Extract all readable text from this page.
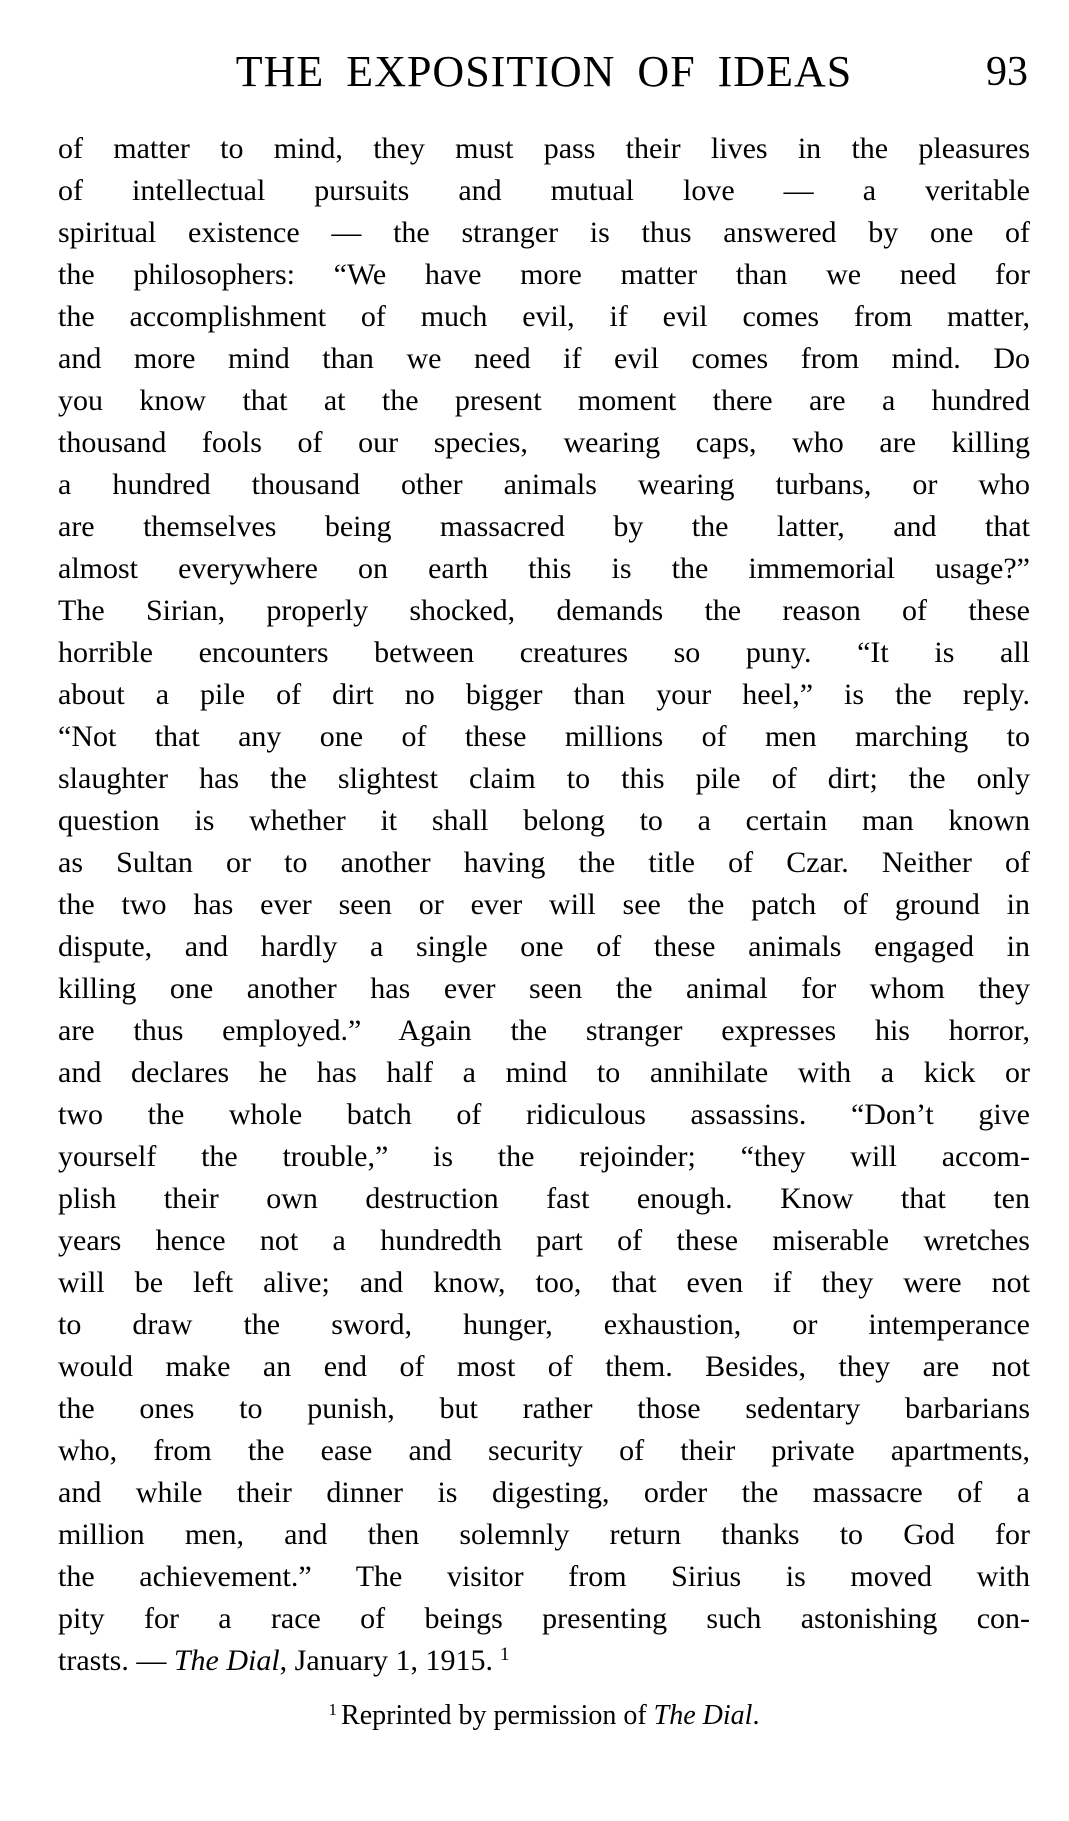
THE EXPOSITION OF IDEAS	93
of matter to mind, they must pass their lives in the pleasures
of intellectual pursuits and mutual love — a veritable
spiritual existence — the stranger is thus answered by one of
the philosophers: “We have more matter than we need for
the accomplishment of much evil, if evil comes from matter,
and more mind than we need if evil comes from mind. Do
you know that at the present moment there are a hundred
thousand fools of our species, wearing caps, who are killing
a hundred thousand other animals wearing turbans, or who
are themselves being massacred by the latter, and that
almost everywhere on earth this is the immemorial usage?”
The Sirian, properly shocked, demands the reason of these
horrible encounters between creatures so puny. “It is all
about a pile of dirt no bigger than your heel,” is the reply.
“Not that any one of these millions of men marching to
slaughter has the slightest claim to this pile of dirt; the only
question is whether it shall belong to a certain man known
as Sultan or to another having the title of Czar. Neither of
the two has ever seen or ever will see the patch of ground in
dispute, and hardly a single one of these animals engaged in
killing one another has ever seen the animal for whom they
are thus employed.” Again the stranger expresses his horror,
and declares he has half a mind to annihilate with a kick or
two the whole batch of ridiculous assassins. “Don’t give
yourself the trouble,” is the rejoinder; “they will accom-
plish their own destruction fast enough. Know that ten
years hence not a hundredth part of these miserable wretches
will be left alive; and know, too, that even if they were not
to draw the sword, hunger, exhaustion, or intemperance
would make an end of most of them. Besides, they are not
the ones to punish, but rather those sedentary barbarians
who, from the ease and security of their private apartments,
and while their dinner is digesting, order the massacre of a
million men, and then solemnly return thanks to God for
the achievement.” The visitor from Sirius is moved with
pity for a race of beings presenting such astonishing con-
trasts. — The Dial, January 1, 1915. $^1$
$^1$ Reprinted by permission of The Dial.
